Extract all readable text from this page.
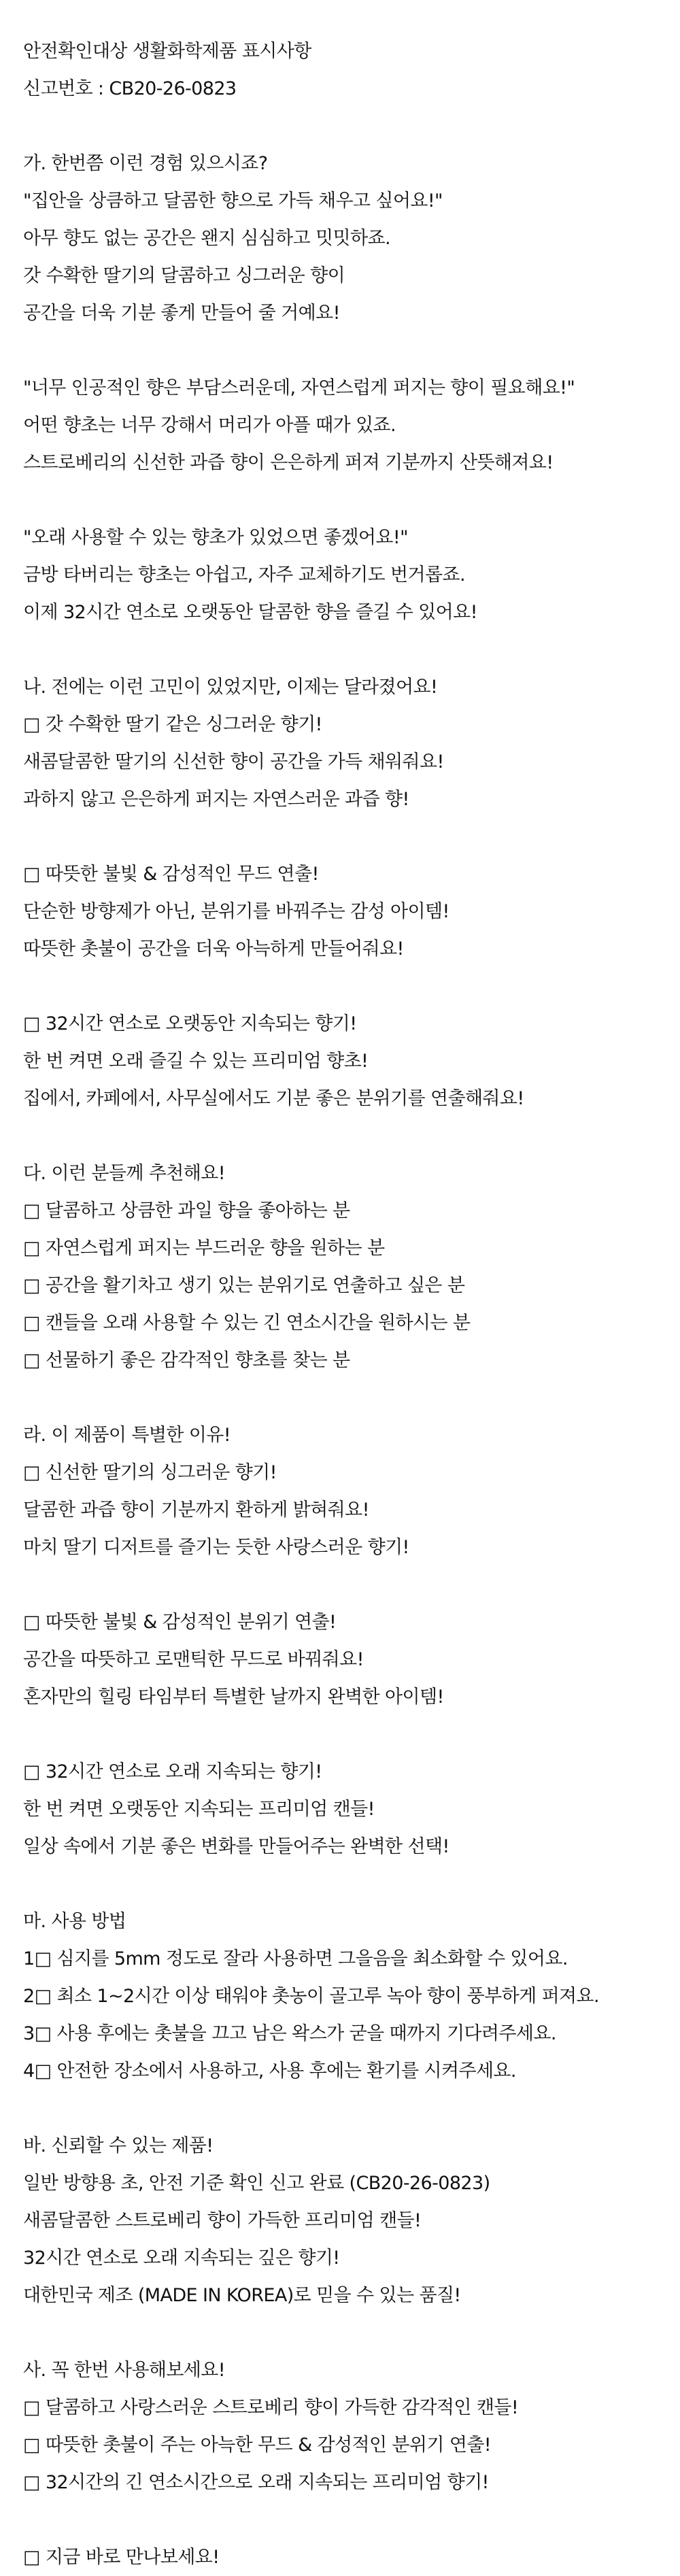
안전확인대상 생활화학제품 표시사항
신고번호 : CB20-26-0823
가. 한번쯤 이런 경험 있으시죠?
"집안을 상큼하고 달콤한 향으로 가득 채우고 싶어요!"
아무 향도 없는 공간은 왠지 심심하고 밋밋하죠.
갓 수확한 딸기의 달콤하고 싱그러운 향이
공간을 더욱 기분 좋게 만들어 줄 거예요!
"너무 인공적인 향은 부담스러운데, 자연스럽게 퍼지는 향이 필요해요!"
어떤 향초는 너무 강해서 머리가 아플 때가 있죠.
스트로베리의 신선한 과즙 향이 은은하게 퍼져 기분까지 산뜻해져요!
"오래 사용할 수 있는 향초가 있었으면 좋겠어요!"
금방 타버리는 향초는 아쉽고, 자주 교체하기도 번거롭죠.
이제 32시간 연소로 오랫동안 달콤한 향을 즐길 수 있어요!
나. 전에는 이런 고민이 있었지만, 이제는 달라졌어요!
□ 갓 수확한 딸기 같은 싱그러운 향기!
새콤달콤한 딸기의 신선한 향이 공간을 가득 채워줘요!
과하지 않고 은은하게 퍼지는 자연스러운 과즙 향!
□ 따뜻한 불빛 & 감성적인 무드 연출!
단순한 방향제가 아닌, 분위기를 바꿔주는 감성 아이템!
따뜻한 촛불이 공간을 더욱 아늑하게 만들어줘요!
□ 32시간 연소로 오랫동안 지속되는 향기!
한 번 켜면 오래 즐길 수 있는 프리미엄 향초!
집에서, 카페에서, 사무실에서도 기분 좋은 분위기를 연출해줘요!
다. 이런 분들께 추천해요!
□ 달콤하고 상큼한 과일 향을 좋아하는 분
□ 자연스럽게 퍼지는 부드러운 향을 원하는 분
□ 공간을 활기차고 생기 있는 분위기로 연출하고 싶은 분
□ 캔들을 오래 사용할 수 있는 긴 연소시간을 원하시는 분
□ 선물하기 좋은 감각적인 향초를 찾는 분
라. 이 제품이 특별한 이유!
□ 신선한 딸기의 싱그러운 향기!
달콤한 과즙 향이 기분까지 환하게 밝혀줘요!
마치 딸기 디저트를 즐기는 듯한 사랑스러운 향기!
□ 따뜻한 불빛 & 감성적인 분위기 연출!
공간을 따뜻하고 로맨틱한 무드로 바꿔줘요!
혼자만의 힐링 타임부터 특별한 날까지 완벽한 아이템!
□ 32시간 연소로 오래 지속되는 향기!
한 번 켜면 오랫동안 지속되는 프리미엄 캔들!
일상 속에서 기분 좋은 변화를 만들어주는 완벽한 선택!
마. 사용 방법
1□ 심지를 5mm 정도로 잘라 사용하면 그을음을 최소화할 수 있어요.
2□ 최소 1~2시간 이상 태워야 촛농이 골고루 녹아 향이 풍부하게 퍼져요.
3□ 사용 후에는 촛불을 끄고 남은 왁스가 굳을 때까지 기다려주세요.
4□ 안전한 장소에서 사용하고, 사용 후에는 환기를 시켜주세요.
바. 신뢰할 수 있는 제품!
일반 방향용 초, 안전 기준 확인 신고 완료 (CB20-26-0823)
새콤달콤한 스트로베리 향이 가득한 프리미엄 캔들!
32시간 연소로 오래 지속되는 깊은 향기!
대한민국 제조 (MADE IN KOREA)로 믿을 수 있는 품질!
사. 꼭 한번 사용해보세요!
□ 달콤하고 사랑스러운 스트로베리 향이 가득한 감각적인 캔들!
□ 따뜻한 촛불이 주는 아늑한 무드 & 감성적인 분위기 연출!
□ 32시간의 긴 연소시간으로 오래 지속되는 프리미엄 향기!
□ 지금 바로 만나보세요!
